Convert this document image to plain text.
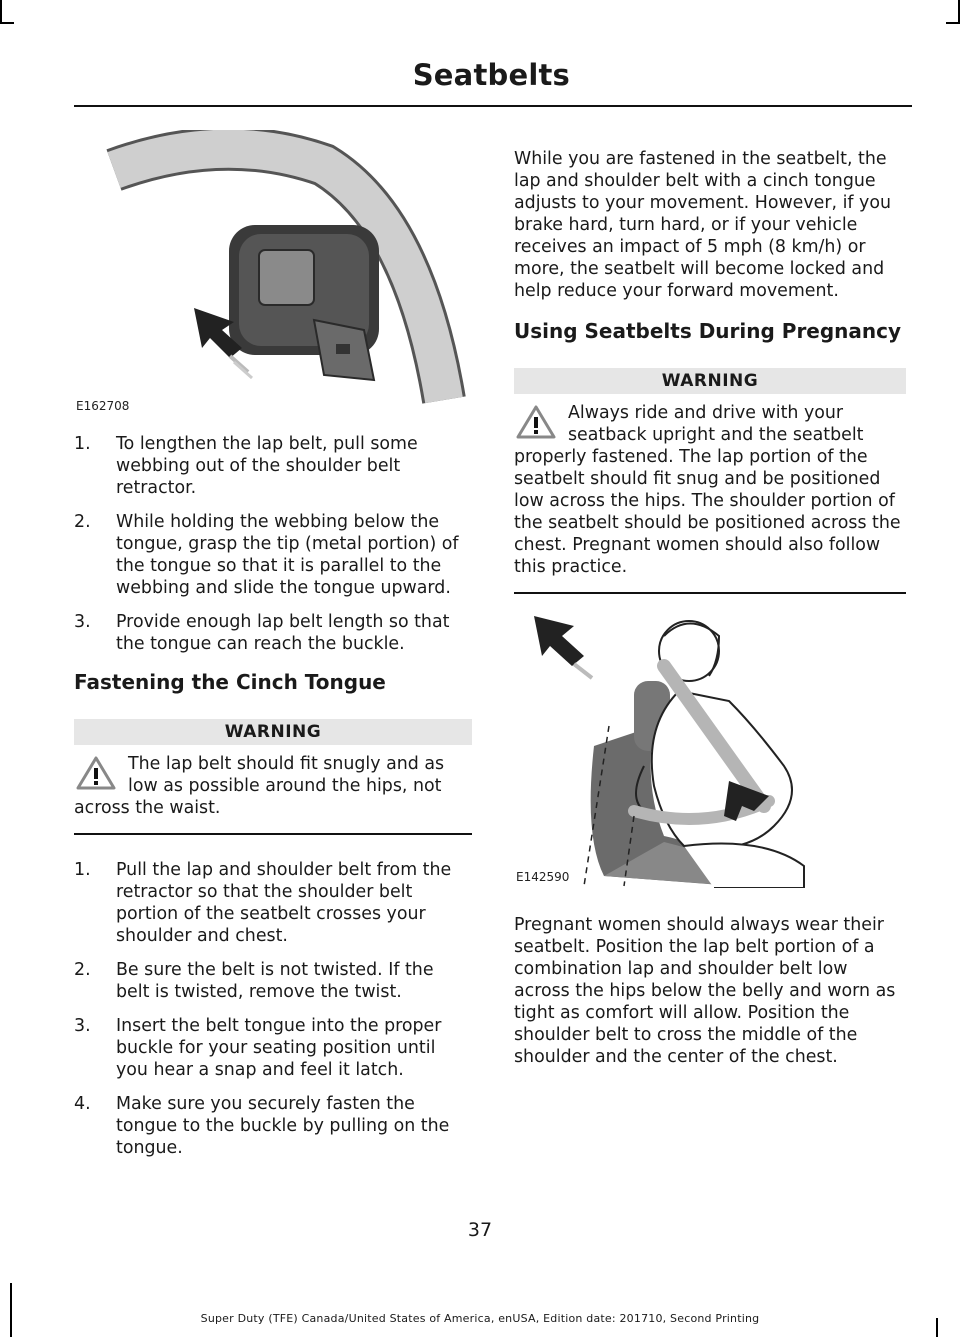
Seatbelts
E162708
1. To lengthen the lap belt, pull some webbing out of the shoulder belt retractor.
2. While holding the webbing below the tongue, grasp the tip (metal portion) of the tongue so that it is parallel to the webbing and slide the tongue upward.
3. Provide enough lap belt length so that the tongue can reach the buckle.
Fastening the Cinch Tongue
WARNING
The lap belt should fit snugly and as low as possible around the hips, not across the waist.
1. Pull the lap and shoulder belt from the retractor so that the shoulder belt portion of the seatbelt crosses your shoulder and chest.
2. Be sure the belt is not twisted. If the belt is twisted, remove the twist.
3. Insert the belt tongue into the proper buckle for your seating position until you hear a snap and feel it latch.
4. Make sure you securely fasten the tongue to the buckle by pulling on the tongue.

While you are fastened in the seatbelt, the lap and shoulder belt with a cinch tongue adjusts to your movement. However, if you brake hard, turn hard, or if your vehicle receives an impact of 5 mph (8 km/h) or more, the seatbelt will become locked and help reduce your forward movement.

Using Seatbelts During Pregnancy
WARNING
Always ride and drive with your seatback upright and the seatbelt properly fastened. The lap portion of the seatbelt should fit snug and be positioned low across the hips. The shoulder portion of the seatbelt should be positioned across the chest. Pregnant women should also follow this practice.
E142590

Pregnant women should always wear their seatbelt. Position the lap belt portion of a combination lap and shoulder belt low across the hips below the belly and worn as tight as comfort will allow. Position the shoulder belt to cross the middle of the shoulder and the center of the chest.

37
Super Duty (TFE) Canada/United States of America, enUSA, Edition date: 201710, Second Printing
